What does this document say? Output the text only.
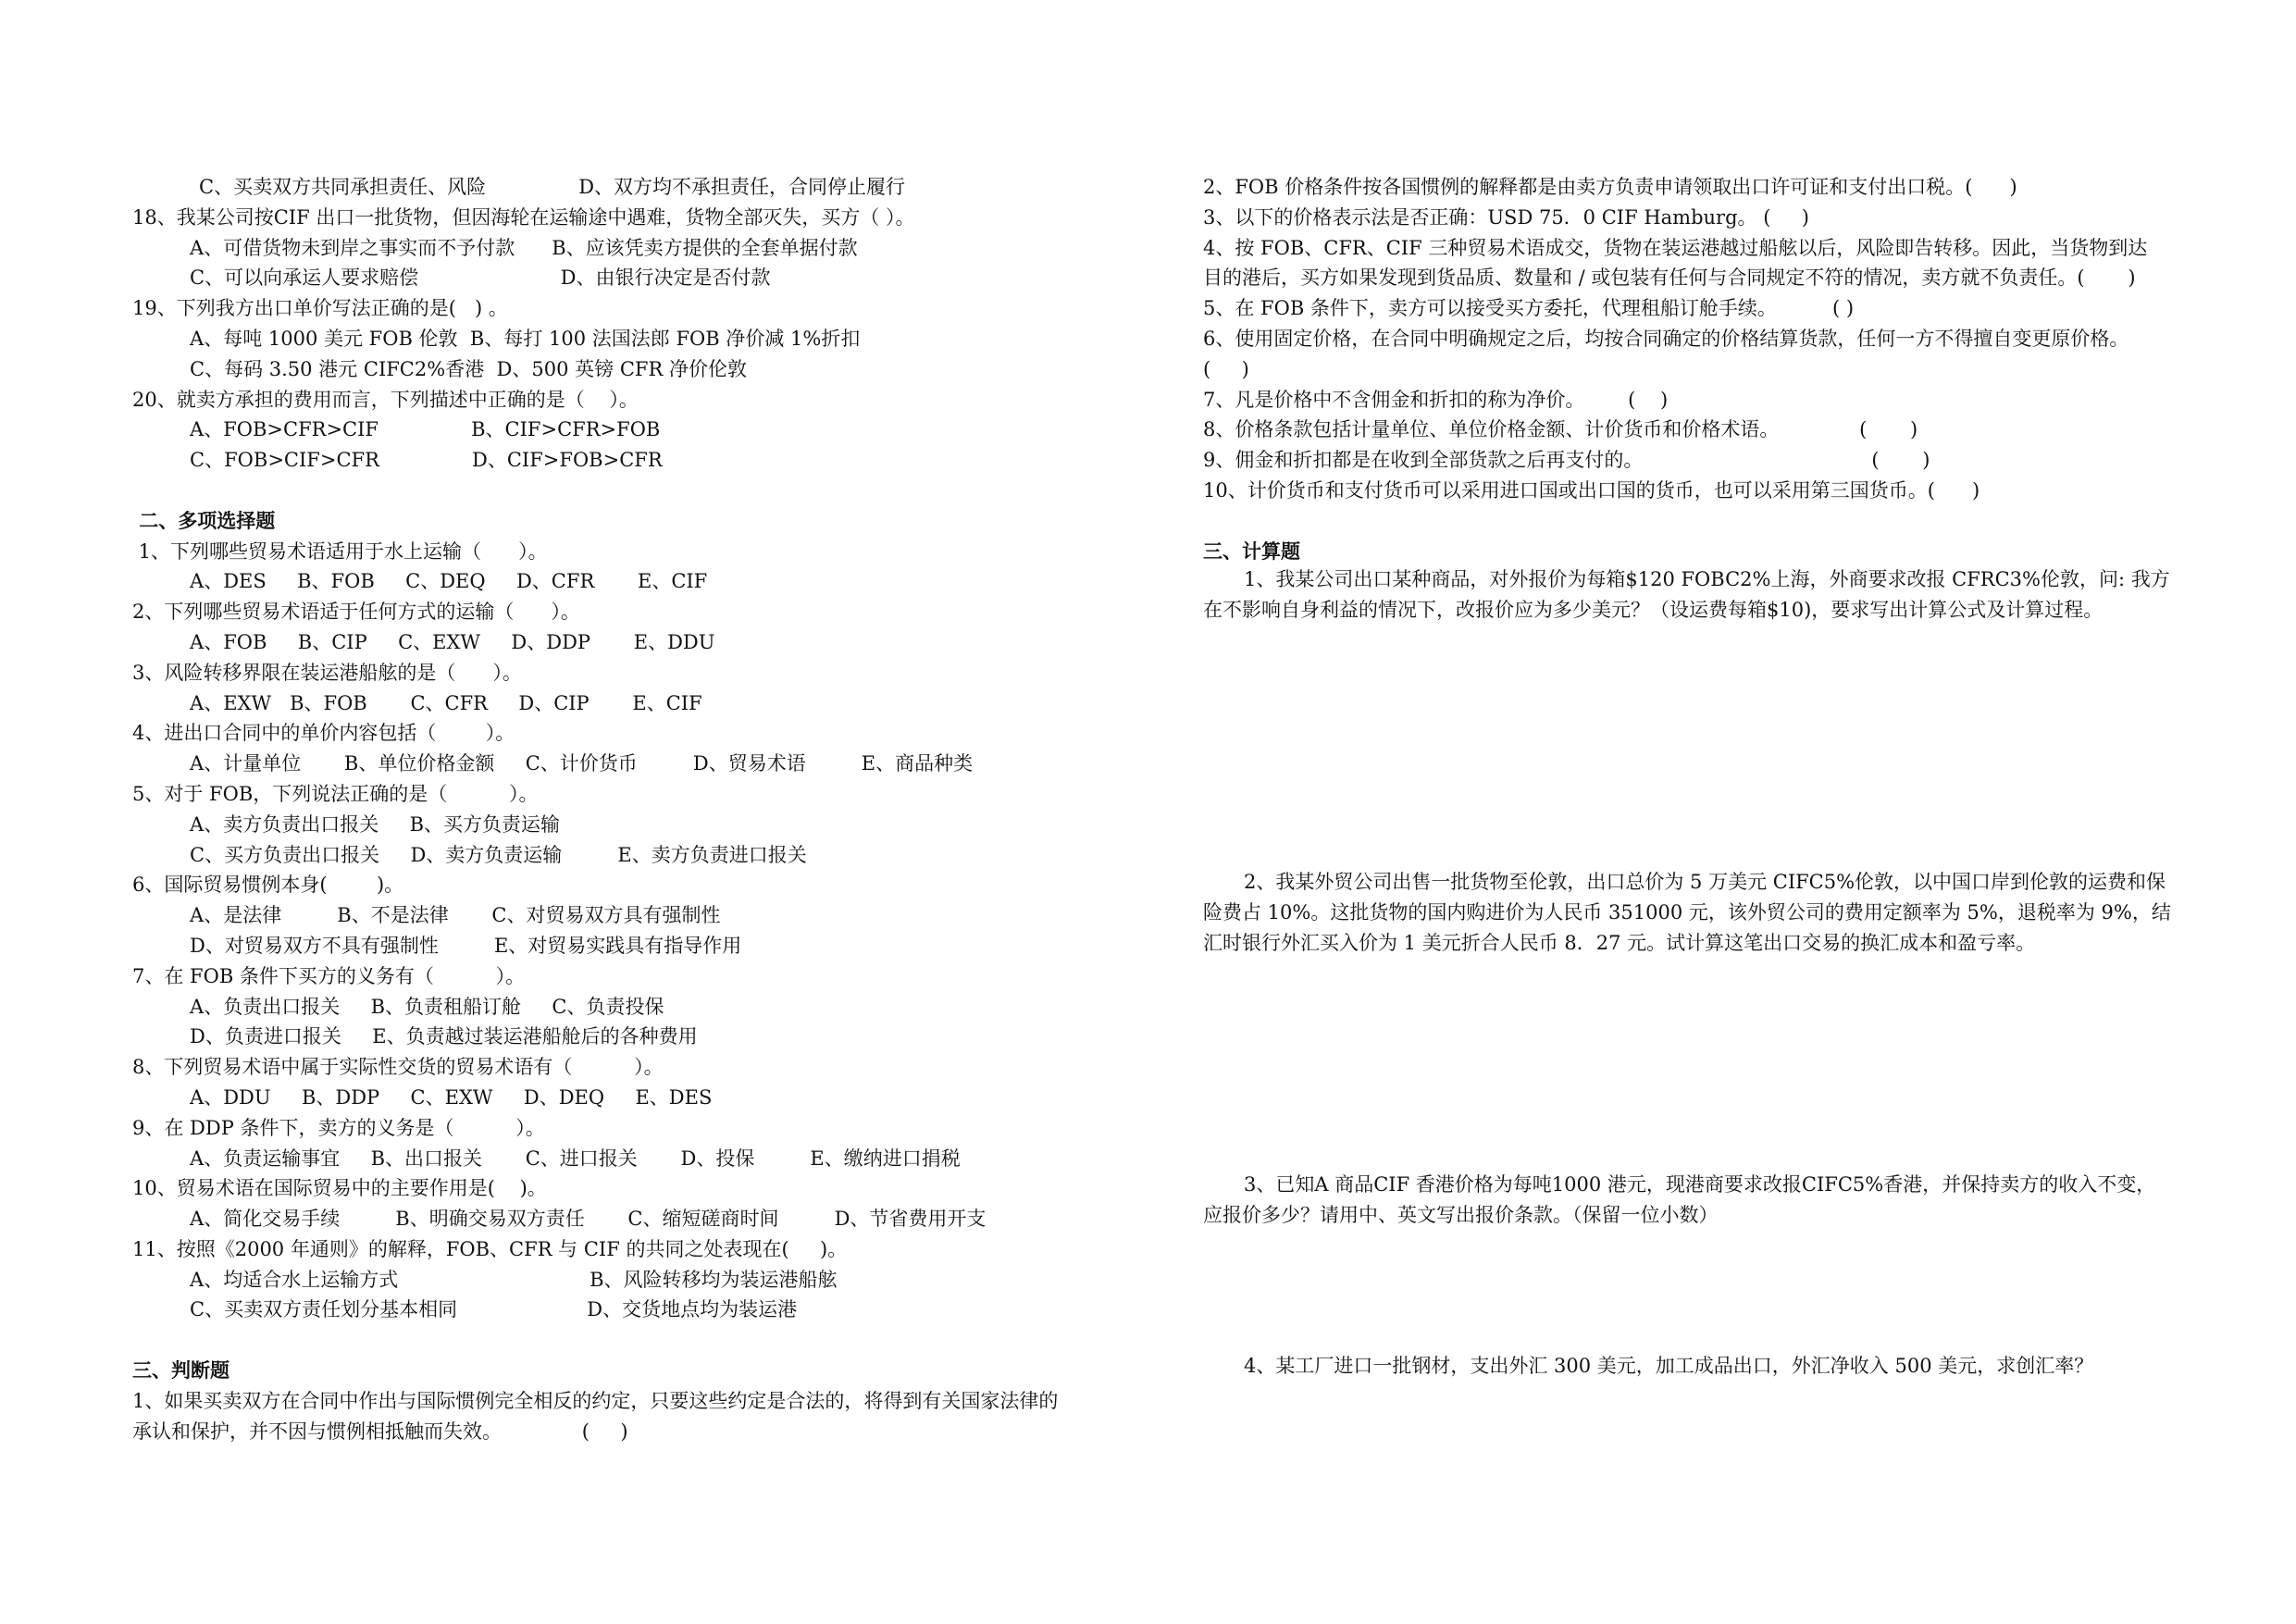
C、买卖双方共同承担责任、风险               D、双方均不承担责任，合同停止履行
18、我某公司按CIF 出口一批货物，但因海轮在运输途中遇难，货物全部灭失，买方（ ）。
A、可借货物未到岸之事实而不予付款      B、应该凭卖方提供的全套单据付款
C、可以向承运人要求赔偿                       D、由银行决定是否付款
19、下列我方出口单价写法正确的是(   ) 。
A、每吨 1000 美元 FOB 伦敦  B、每打 100 法国法郎 FOB 净价减 1%折扣
C、每码 3.50 港元 CIFC2%香港  D、500 英镑 CFR 净价伦敦
20、就卖方承担的费用而言，下列描述中正确的是（    ）。
A、FOB>CFR>CIF               B、CIF>CFR>FOB
C、FOB>CIF>CFR               D、CIF>FOB>CFR
二、多项选择题
1、下列哪些贸易术语适用于水上运输（      ）。
A、DES     B、FOB     C、DEQ     D、CFR       E、CIF
2、下列哪些贸易术语适于任何方式的运输（      ）。
A、FOB     B、CIP     C、EXW     D、DDP       E、DDU
3、风险转移界限在装运港船舷的是（      ）。
A、EXW   B、FOB       C、CFR     D、CIP       E、CIF
4、进出口合同中的单价内容包括（        ）。
A、计量单位       B、单位价格金额     C、计价货币         D、贸易术语         E、商品种类
5、对于 FOB，下列说法正确的是（          ）。
A、卖方负责出口报关     B、买方负责运输
C、买方负责出口报关     D、卖方负责运输         E、卖方负责进口报关
6、国际贸易惯例本身(        )。
A、是法律         B、不是法律       C、对贸易双方具有强制性
D、对贸易双方不具有强制性         E、对贸易实践具有指导作用
7、在 FOB 条件下买方的义务有（          ）。
A、负责出口报关     B、负责租船订舱     C、负责投保
D、负责进口报关     E、负责越过装运港船舱后的各种费用
8、下列贸易术语中属于实际性交货的贸易术语有（          ）。
A、DDU     B、DDP     C、EXW     D、DEQ     E、DES
9、在 DDP 条件下，卖方的义务是（          ）。
A、负责运输事宜     B、出口报关       C、进口报关       D、投保         E、缴纳进口捐税
10、贸易术语在国际贸易中的主要作用是(    )。
A、简化交易手续         B、明确交易双方责任       C、缩短磋商时间         D、节省费用开支
11、按照《2000 年通则》的解释，FOB、CFR 与 CIF 的共同之处表现在(     )。
A、均适合水上运输方式                               B、风险转移均为装运港船舷
C、买卖双方责任划分基本相同                     D、交货地点均为装运港
三、判断题
1、如果买卖双方在合同中作出与国际惯例完全相反的约定，只要这些约定是合法的，将得到有关国家法律的
承认和保护，并不因与惯例相抵触而失效。             (     )
2、FOB 价格条件按各国惯例的解释都是由卖方负责申请领取出口许可证和支付出口税。(      )
3、以下的价格表示法是否正确：USD 75．0 CIF Hamburg。 (     )
4、按 FOB、CFR、CIF 三种贸易术语成交，货物在装运港越过船舷以后，风险即告转移。因此，当货物到达
目的港后，买方如果发现到货品质、数量和 / 或包装有任何与合同规定不符的情况，卖方就不负责任。(       )
5、在 FOB 条件下，卖方可以接受买方委托，代理租船订舱手续。         ( )
6、使用固定价格，在合同中明确规定之后，均按合同确定的价格结算货款，任何一方不得擅自变更原价格。
(     )
7、凡是价格中不含佣金和折扣的称为净价。       (    )
8、价格条款包括计量单位、单位价格金额、计价货币和价格术语。             (       )
9、佣金和折扣都是在收到全部货款之后再支付的。                                     (       )
10、计价货币和支付货币可以采用进口国或出口国的货币，也可以采用第三国货币。(      )
三、计算题
1、我某公司出口某种商品，对外报价为每箱$120 FOBC2%上海，外商要求改报 CFRC3%伦敦，问: 我方在不影响自身利益的情况下，改报价应为多少美元？（设运费每箱$10)，要求写出计算公式及计算过程。
2、我某外贸公司出售一批货物至伦敦，出口总价为 5 万美元 CIFC5%伦敦，以中国口岸到伦敦的运费和保险费占 10%。这批货物的国内购进价为人民币 351000 元，该外贸公司的费用定额率为 5%，退税率为 9%，结汇时银行外汇买入价为 1 美元折合人民币 8．27 元。试计算这笔出口交易的换汇成本和盈亏率。
3、已知A 商品CIF 香港价格为每吨1000 港元，现港商要求改报CIFC5%香港，并保持卖方的收入不变，应报价多少？请用中、英文写出报价条款。（保留一位小数）
4、某工厂进口一批钢材，支出外汇 300 美元，加工成品出口，外汇净收入 500 美元，求创汇率？
